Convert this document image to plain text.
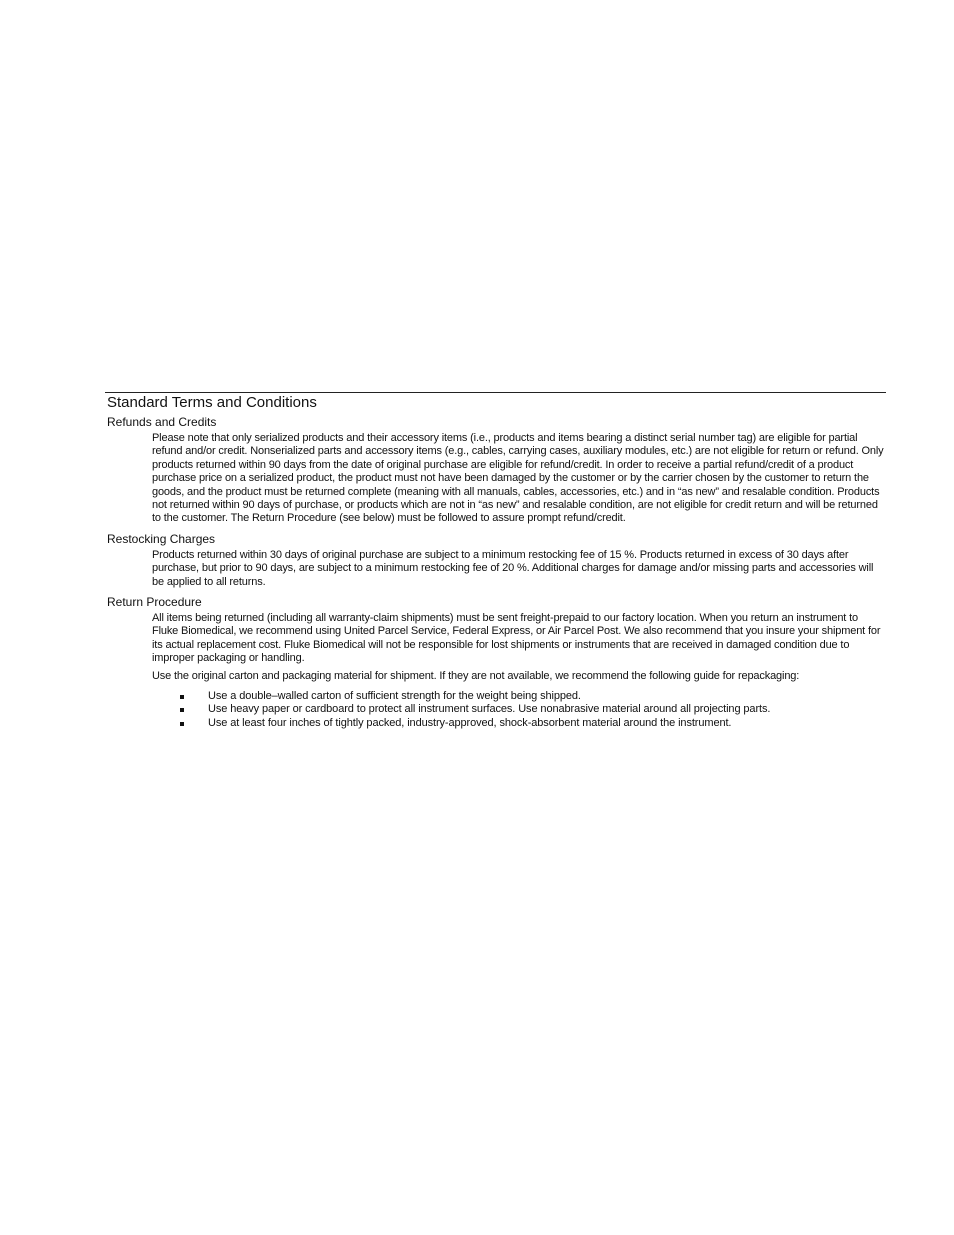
Standard Terms and Conditions
Refunds and Credits

Please note that only serialized products and their accessory items (i.e., products and items bearing a distinct serial number tag) are eligible for partial refund and/or credit. Nonserialized parts and accessory items (e.g., cables, carrying cases, auxiliary modules, etc.) are not eligible for return or refund. Only products returned within 90 days from the date of original purchase are eligible for refund/credit. In order to receive a partial refund/credit of a product purchase price on a serialized product, the product must not have been damaged by the customer or by the carrier chosen by the customer to return the goods, and the product must be returned complete (meaning with all manuals, cables, accessories, etc.) and in “as new” and resalable condition. Products not returned within 90 days of purchase, or products which are not in “as new” and resalable condition, are not eligible for credit return and will be returned to the customer. The Return Procedure (see below) must be followed to assure prompt refund/credit.

Restocking Charges

Products returned within 30 days of original purchase are subject to a minimum restocking fee of 15 %. Products returned in excess of 30 days after purchase, but prior to 90 days, are subject to a minimum restocking fee of 20 %. Additional charges for damage and/or missing parts and accessories will be applied to all returns.

Return Procedure

All items being returned (including all warranty-claim shipments) must be sent freight-prepaid to our factory location. When you return an instrument to Fluke Biomedical, we recommend using United Parcel Service, Federal Express, or Air Parcel Post. We also recommend that you insure your shipment for its actual replacement cost. Fluke Biomedical will not be responsible for lost shipments or instruments that are received in damaged condition due to improper packaging or handling.

Use the original carton and packaging material for shipment. If they are not available, we recommend the following guide for repackaging:

Use a double–walled carton of sufficient strength for the weight being shipped.
Use heavy paper or cardboard to protect all instrument surfaces. Use nonabrasive material around all projecting parts.
Use at least four inches of tightly packed, industry-approved, shock-absorbent material around the instrument.
